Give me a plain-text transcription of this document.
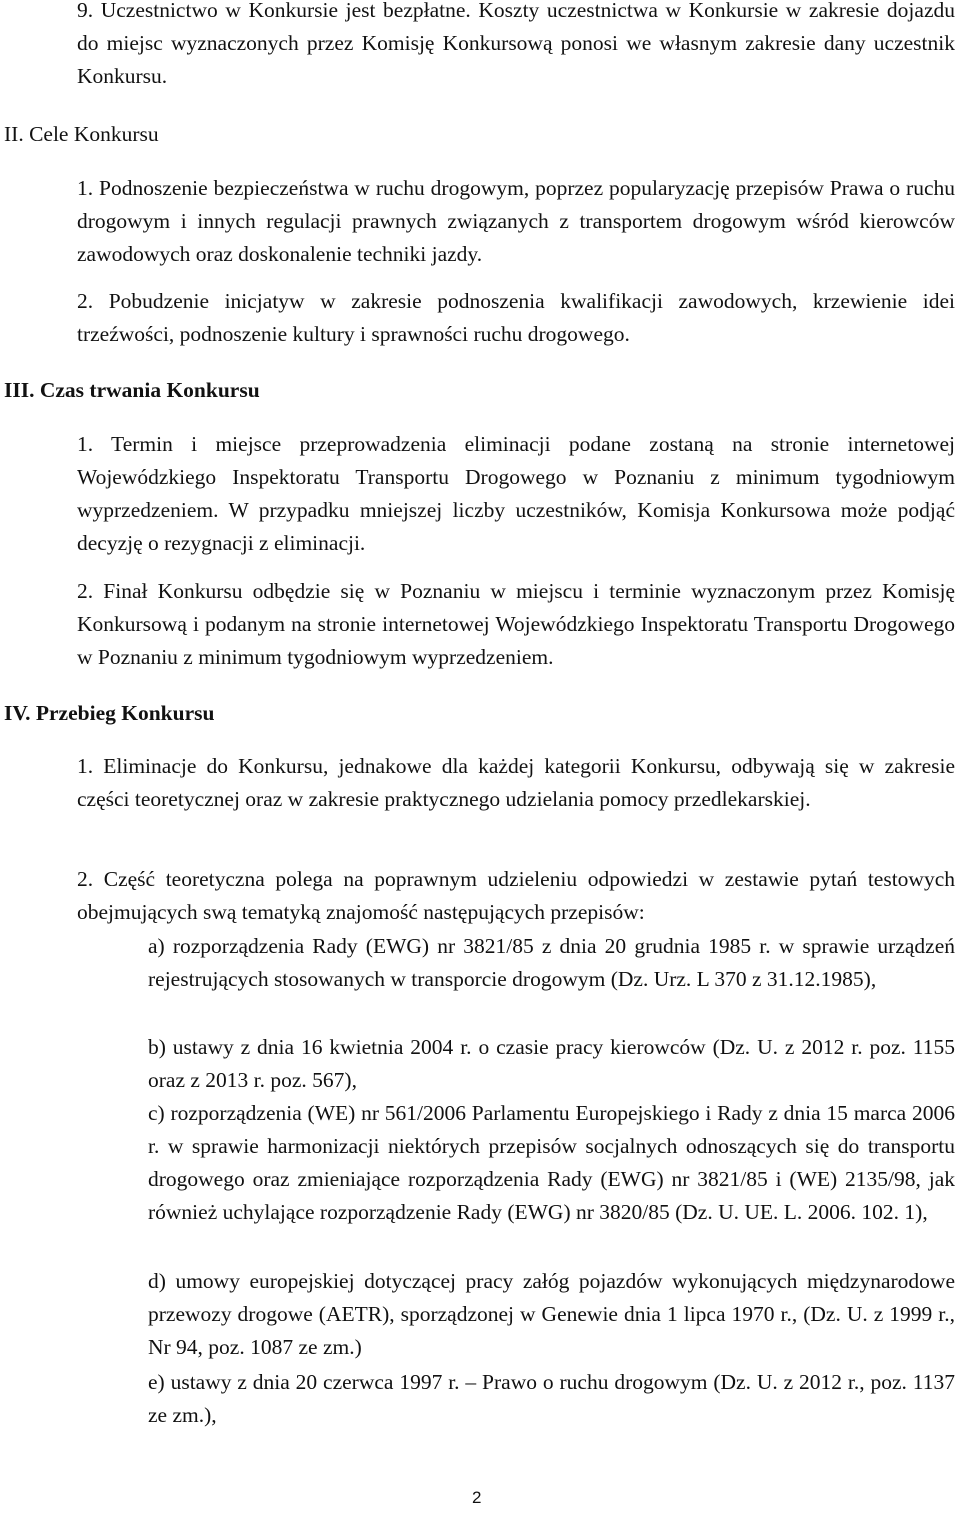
9. Uczestnictwo w Konkursie jest bezpłatne. Koszty uczestnictwa w Konkursie w zakresie dojazdu do miejsc wyznaczonych przez Komisję Konkursową ponosi we własnym zakresie dany uczestnik Konkursu.
II. Cele Konkursu
1. Podnoszenie bezpieczeństwa w ruchu drogowym, poprzez popularyzację przepisów Prawa o ruchu drogowym i innych regulacji prawnych związanych z transportem drogowym wśród kierowców zawodowych oraz doskonalenie techniki jazdy.
2. Pobudzenie inicjatyw w zakresie podnoszenia kwalifikacji zawodowych, krzewienie idei trzeźwości, podnoszenie kultury i sprawności ruchu drogowego.
III. Czas trwania Konkursu
1. Termin i miejsce przeprowadzenia eliminacji podane zostaną na stronie internetowej Wojewódzkiego Inspektoratu Transportu Drogowego w Poznaniu z minimum tygodniowym wyprzedzeniem. W przypadku mniejszej liczby uczestników, Komisja Konkursowa może podjąć decyzję o rezygnacji z eliminacji.
2. Finał Konkursu odbędzie się w Poznaniu w miejscu i terminie wyznaczonym przez Komisję Konkursową i podanym na stronie internetowej Wojewódzkiego Inspektoratu Transportu Drogowego w Poznaniu z minimum tygodniowym wyprzedzeniem.
IV. Przebieg Konkursu
1. Eliminacje do Konkursu, jednakowe dla każdej kategorii Konkursu, odbywają się w zakresie części teoretycznej oraz w zakresie praktycznego udzielania pomocy przedlekarskiej.
2. Część teoretyczna polega na poprawnym udzieleniu odpowiedzi w zestawie pytań testowych obejmujących swą tematyką znajomość następujących przepisów:
a) rozporządzenia Rady (EWG) nr 3821/85 z dnia 20 grudnia 1985 r. w sprawie urządzeń rejestrujących stosowanych w transporcie drogowym (Dz. Urz. L 370 z 31.12.1985),
b) ustawy z dnia 16 kwietnia 2004 r. o czasie pracy kierowców (Dz. U. z 2012 r. poz. 1155 oraz z 2013 r. poz. 567),
c) rozporządzenia (WE) nr 561/2006 Parlamentu Europejskiego i Rady z dnia 15 marca 2006 r. w sprawie harmonizacji niektórych przepisów socjalnych odnoszących się do transportu drogowego oraz zmieniające rozporządzenia Rady (EWG) nr 3821/85 i (WE) 2135/98, jak również uchylające rozporządzenie Rady (EWG) nr 3820/85 (Dz. U. UE. L. 2006. 102. 1),
d) umowy europejskiej dotyczącej pracy załóg pojazdów wykonujących międzynarodowe przewozy drogowe (AETR), sporządzonej w Genewie dnia 1 lipca 1970 r., (Dz. U. z 1999 r., Nr 94, poz. 1087 ze zm.)
e) ustawy z dnia 20 czerwca 1997 r. – Prawo o ruchu drogowym (Dz. U. z 2012 r., poz. 1137 ze zm.),
2
